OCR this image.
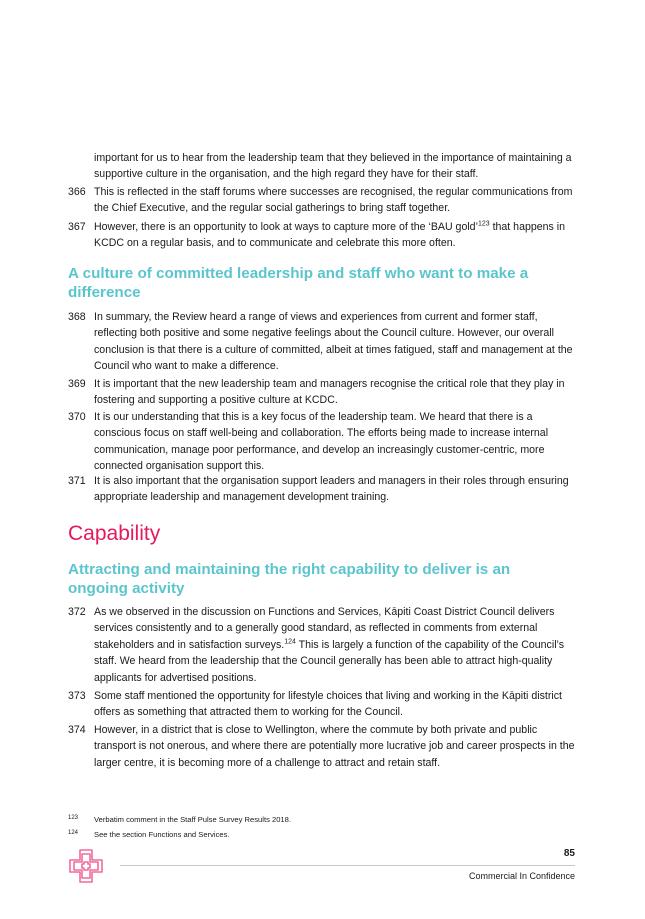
important for us to hear from the leadership team that they believed in the importance of maintaining a supportive culture in the organisation, and the high regard they have for their staff.
366 This is reflected in the staff forums where successes are recognised, the regular communications from the Chief Executive, and the regular social gatherings to bring staff together.
367 However, there is an opportunity to look at ways to capture more of the ‘BAU gold’$^{123}$ that happens in KCDC on a regular basis, and to communicate and celebrate this more often.
A culture of committed leadership and staff who want to make a difference
368 In summary, the Review heard a range of views and experiences from current and former staff, reflecting both positive and some negative feelings about the Council culture. However, our overall conclusion is that there is a culture of committed, albeit at times fatigued, staff and management at the Council who want to make a difference.
369 It is important that the new leadership team and managers recognise the critical role that they play in fostering and supporting a positive culture at KCDC.
370 It is our understanding that this is a key focus of the leadership team. We heard that there is a conscious focus on staff well-being and collaboration. The efforts being made to increase internal communication, manage poor performance, and develop an increasingly customer-centric, more connected organisation support this.
371 It is also important that the organisation support leaders and managers in their roles through ensuring appropriate leadership and management development training.
Capability
Attracting and maintaining the right capability to deliver is an ongoing activity
372 As we observed in the discussion on Functions and Services, Kāpiti Coast District Council delivers services consistently and to a generally good standard, as reflected in comments from external stakeholders and in satisfaction surveys.$^{124}$ This is largely a function of the capability of the Council’s staff. We heard from the leadership that the Council generally has been able to attract high-quality applicants for advertised positions.
373 Some staff mentioned the opportunity for lifestyle choices that living and working in the Kāpiti district offers as something that attracted them to working for the Council.
374 However, in a district that is close to Wellington, where the commute by both private and public transport is not onerous, and where there are potentially more lucrative job and career prospects in the larger centre, it is becoming more of a challenge to attract and retain staff.
123 Verbatim comment in the Staff Pulse Survey Results 2018.
124 See the section Functions and Services.
85
Commercial In Confidence
